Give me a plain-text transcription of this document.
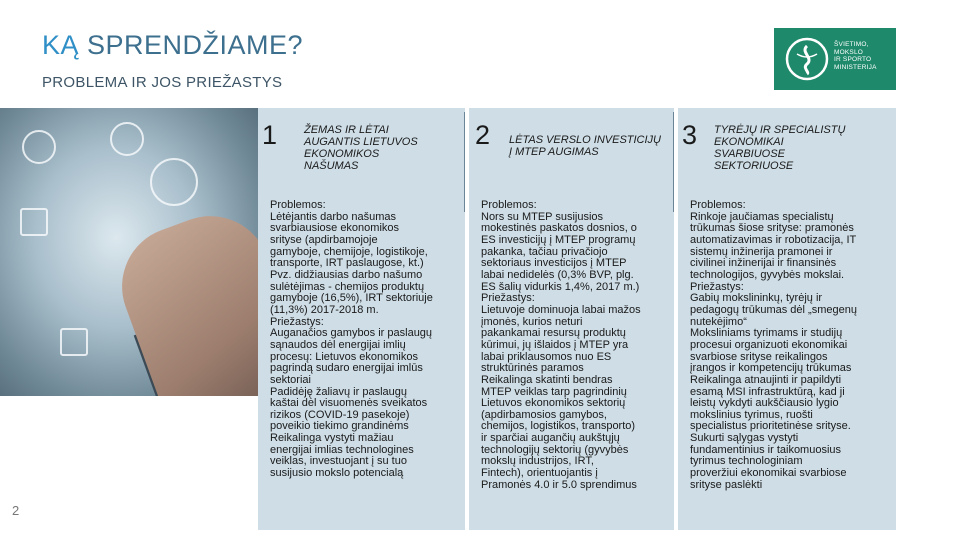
KĄ SPRENDŽIAME?
PROBLEMA IR JOS PRIEŽASTYS
ŠVIETIMO,
MOKSLO
IR SPORTO
MINISTERIJA
2
1 ŽEMAS IR LĖTAI
AUGANTIS LIETUVOS
EKONOMIKOS
NAŠUMAS

Problemos:

Lėtėjantis darbo našumas

svarbiausiose ekonomikos

srityse (apdirbamojoje

gamyboje, chemijoje, logistikoje,

transporte, IRT paslaugose, kt.)

Pvz. didžiausias darbo našumo

sulėtėjimas - chemijos produktų

gamyboje (16,5%), IRT sektoriuje

(11,3%) 2017-2018 m.

Priežastys:

Auganačios gamybos ir paslaugų

sąnaudos dėl energijai imlių

procesų: Lietuvos ekonomikos

pagrindą sudaro energijai imlūs

sektoriai

Padidėję žaliavų ir paslaugų

kaštai dėl visuomenės sveikatos

rizikos (COVID-19 pasekoje)

poveikio tiekimo grandinėms

Reikalinga vystyti mažiau

energijai imlias technologines

veiklas, investuojant į su tuo

susijusio mokslo potencialą

2 LĖTAS VERSLO INVESTICIJŲ
Į MTEP AUGIMAS

Problemos:

Nors su MTEP susijusios

mokestinės paskatos dosnios, o

ES investicijų į MTEP programų

pakanka, tačiau privačiojo

sektoriaus investicijos į MTEP

labai nedidelės (0,3% BVP, plg.

ES šalių vidurkis 1,4%, 2017 m.)

Priežastys:

Lietuvoje dominuoja labai mažos

įmonės, kurios neturi

pakankamai resursų produktų

kūrimui, jų išlaidos į MTEP yra

labai priklausomos nuo ES

struktūrinės paramos

Reikalinga skatinti bendras

MTEP veiklas tarp pagrindinių

Lietuvos ekonomikos sektorių

(apdirbamosios gamybos,

chemijos, logistikos, transporto)

ir sparčiai augančių aukštųjų

technologijų sektorių (gyvybės

mokslų industrijos, IRT,

Fintech), orientuojantis į

Pramonės 4.0 ir 5.0 sprendimus

3 TYRĖJŲ IR SPECIALISTŲ
EKONOMIKAI
SVARBIUOSE
SEKTORIUOSE

Problemos:

Rinkoje jaučiamas specialistų

trūkumas šiose srityse: pramonės

automatizavimas ir robotizacija, IT

sistemų inžinerija pramonei ir

civilinei inžinerijai ir finansinės

technologijos, gyvybės mokslai.

Priežastys:

Gabių mokslininkų, tyrėjų ir

pedagogų trūkumas dėl „smegenų

nutekėjimo“

Moksliniams tyrimams ir studijų

procesui organizuoti ekonomikai

svarbiose srityse reikalingos

įrangos ir kompetencijų trūkumas

Reikalinga atnaujinti ir papildyti

esamą MSI infrastruktūrą, kad ji

leistų vykdyti aukščiausio lygio

mokslinius tyrimus, ruošti

specialistus prioritetinėse srityse.

Sukurti sąlygas vystyti

fundamentinius ir taikomuosius

tyrimus technologiniam

proveržiui ekonomikai svarbiose

srityse paslėkti
